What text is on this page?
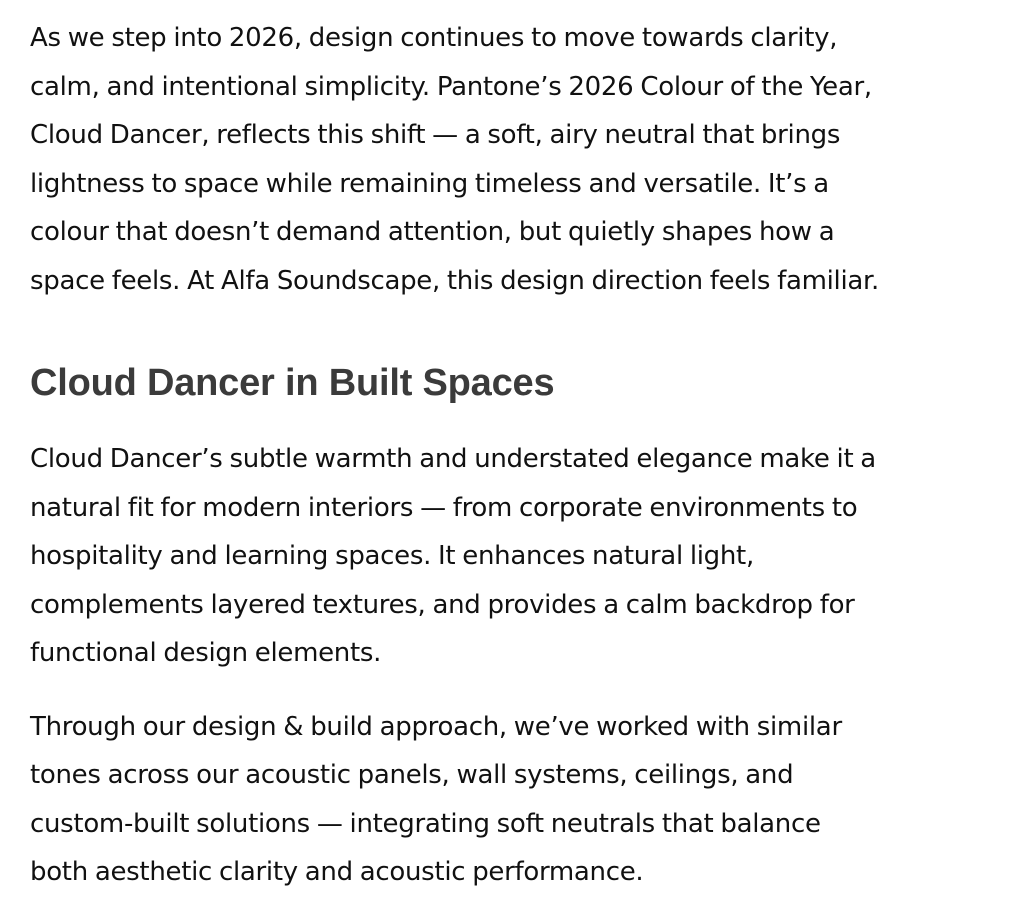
As we step into 2026, design continues to move towards clarity,
calm, and intentional simplicity. Pantone’s 2026 Colour of the Year,
Cloud Dancer, reflects this shift — a soft, airy neutral that brings
lightness to space while remaining timeless and versatile. It’s a
colour that doesn’t demand attention, but quietly shapes how a
space feels. At Alfa Soundscape, this design direction feels familiar.

Cloud Dancer in Built Spaces

Cloud Dancer’s subtle warmth and understated elegance make it a
natural fit for modern interiors — from corporate environments to
hospitality and learning spaces. It enhances natural light,
complements layered textures, and provides a calm backdrop for
functional design elements.

Through our design & build approach, we’ve worked with similar
tones across our acoustic panels, wall systems, ceilings, and
custom-built solutions — integrating soft neutrals that balance
both aesthetic clarity and acoustic performance.
